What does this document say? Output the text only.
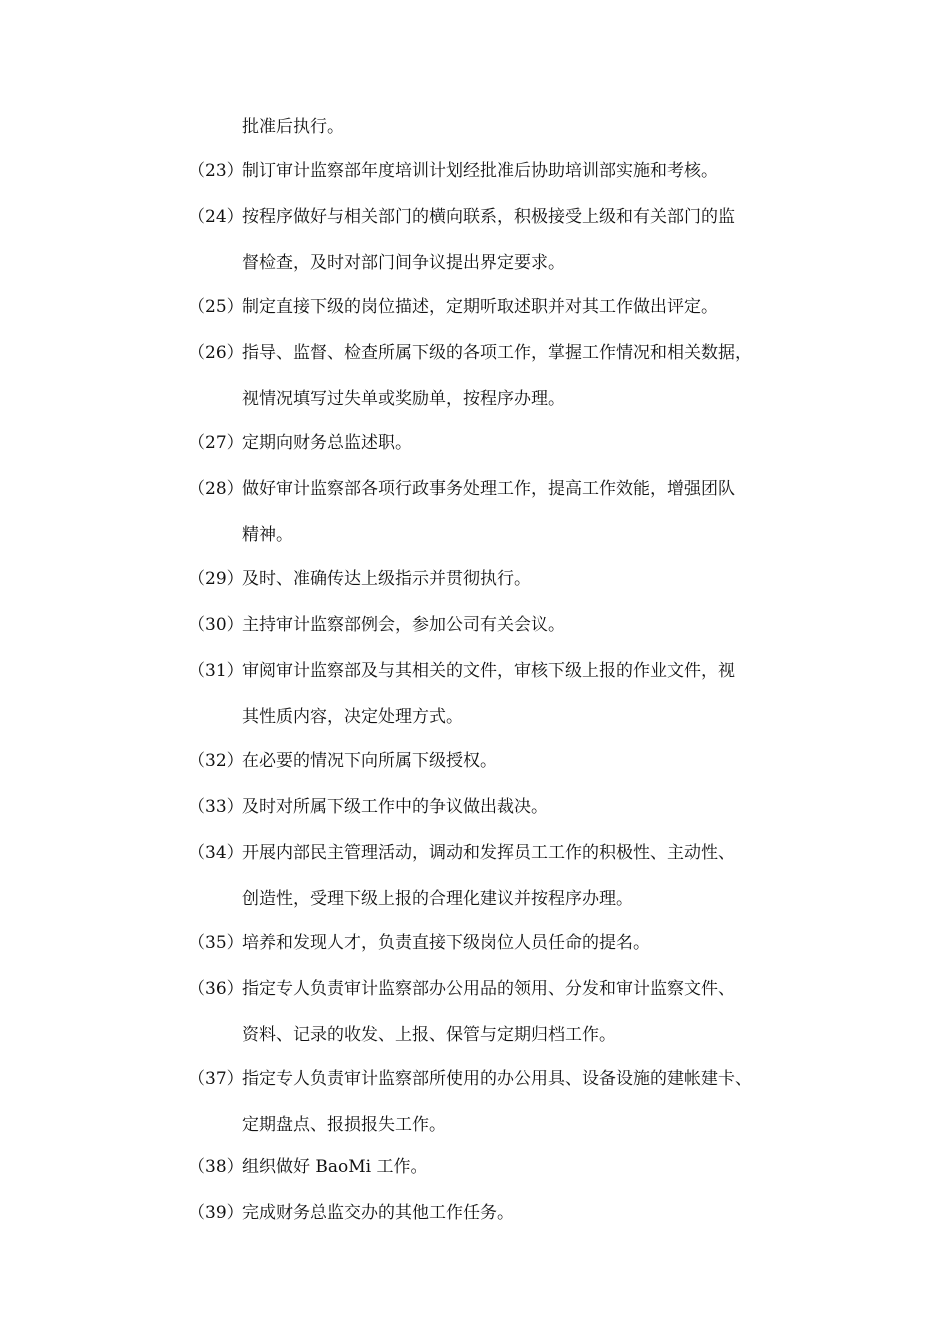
批准后执行。
（23）
制订审计监察部年度培训计划经批准后协助培训部实施和考核。
（24）
按程序做好与相关部门的横向联系，积极接受上级和有关部门的监
督检查，及时对部门间争议提出界定要求。
（25）
制定直接下级的岗位描述，定期听取述职并对其工作做出评定。
（26）
指导、监督、检查所属下级的各项工作，掌握工作情况和相关数据，
视情况填写过失单或奖励单，按程序办理。
（27）
定期向财务总监述职。
（28）
做好审计监察部各项行政事务处理工作，提高工作效能，增强团队
精神。
（29）
及时、准确传达上级指示并贯彻执行。
（30）
主持审计监察部例会，参加公司有关会议。
（31）
审阅审计监察部及与其相关的文件，审核下级上报的作业文件，视
其性质内容，决定处理方式。
（32）
在必要的情况下向所属下级授权。
（33）
及时对所属下级工作中的争议做出裁决。
（34）
开展内部民主管理活动，调动和发挥员工工作的积极性、主动性、
创造性，受理下级上报的合理化建议并按程序办理。
（35）
培养和发现人才，负责直接下级岗位人员任命的提名。
（36）
指定专人负责审计监察部办公用品的领用、分发和审计监察文件、
资料、记录的收发、上报、保管与定期归档工作。
（37）
指定专人负责审计监察部所使用的办公用具、设备设施的建帐建卡、
定期盘点、报损报失工作。
（38）
组织做好 BaoMi 工作。
（39）
完成财务总监交办的其他工作任务。
